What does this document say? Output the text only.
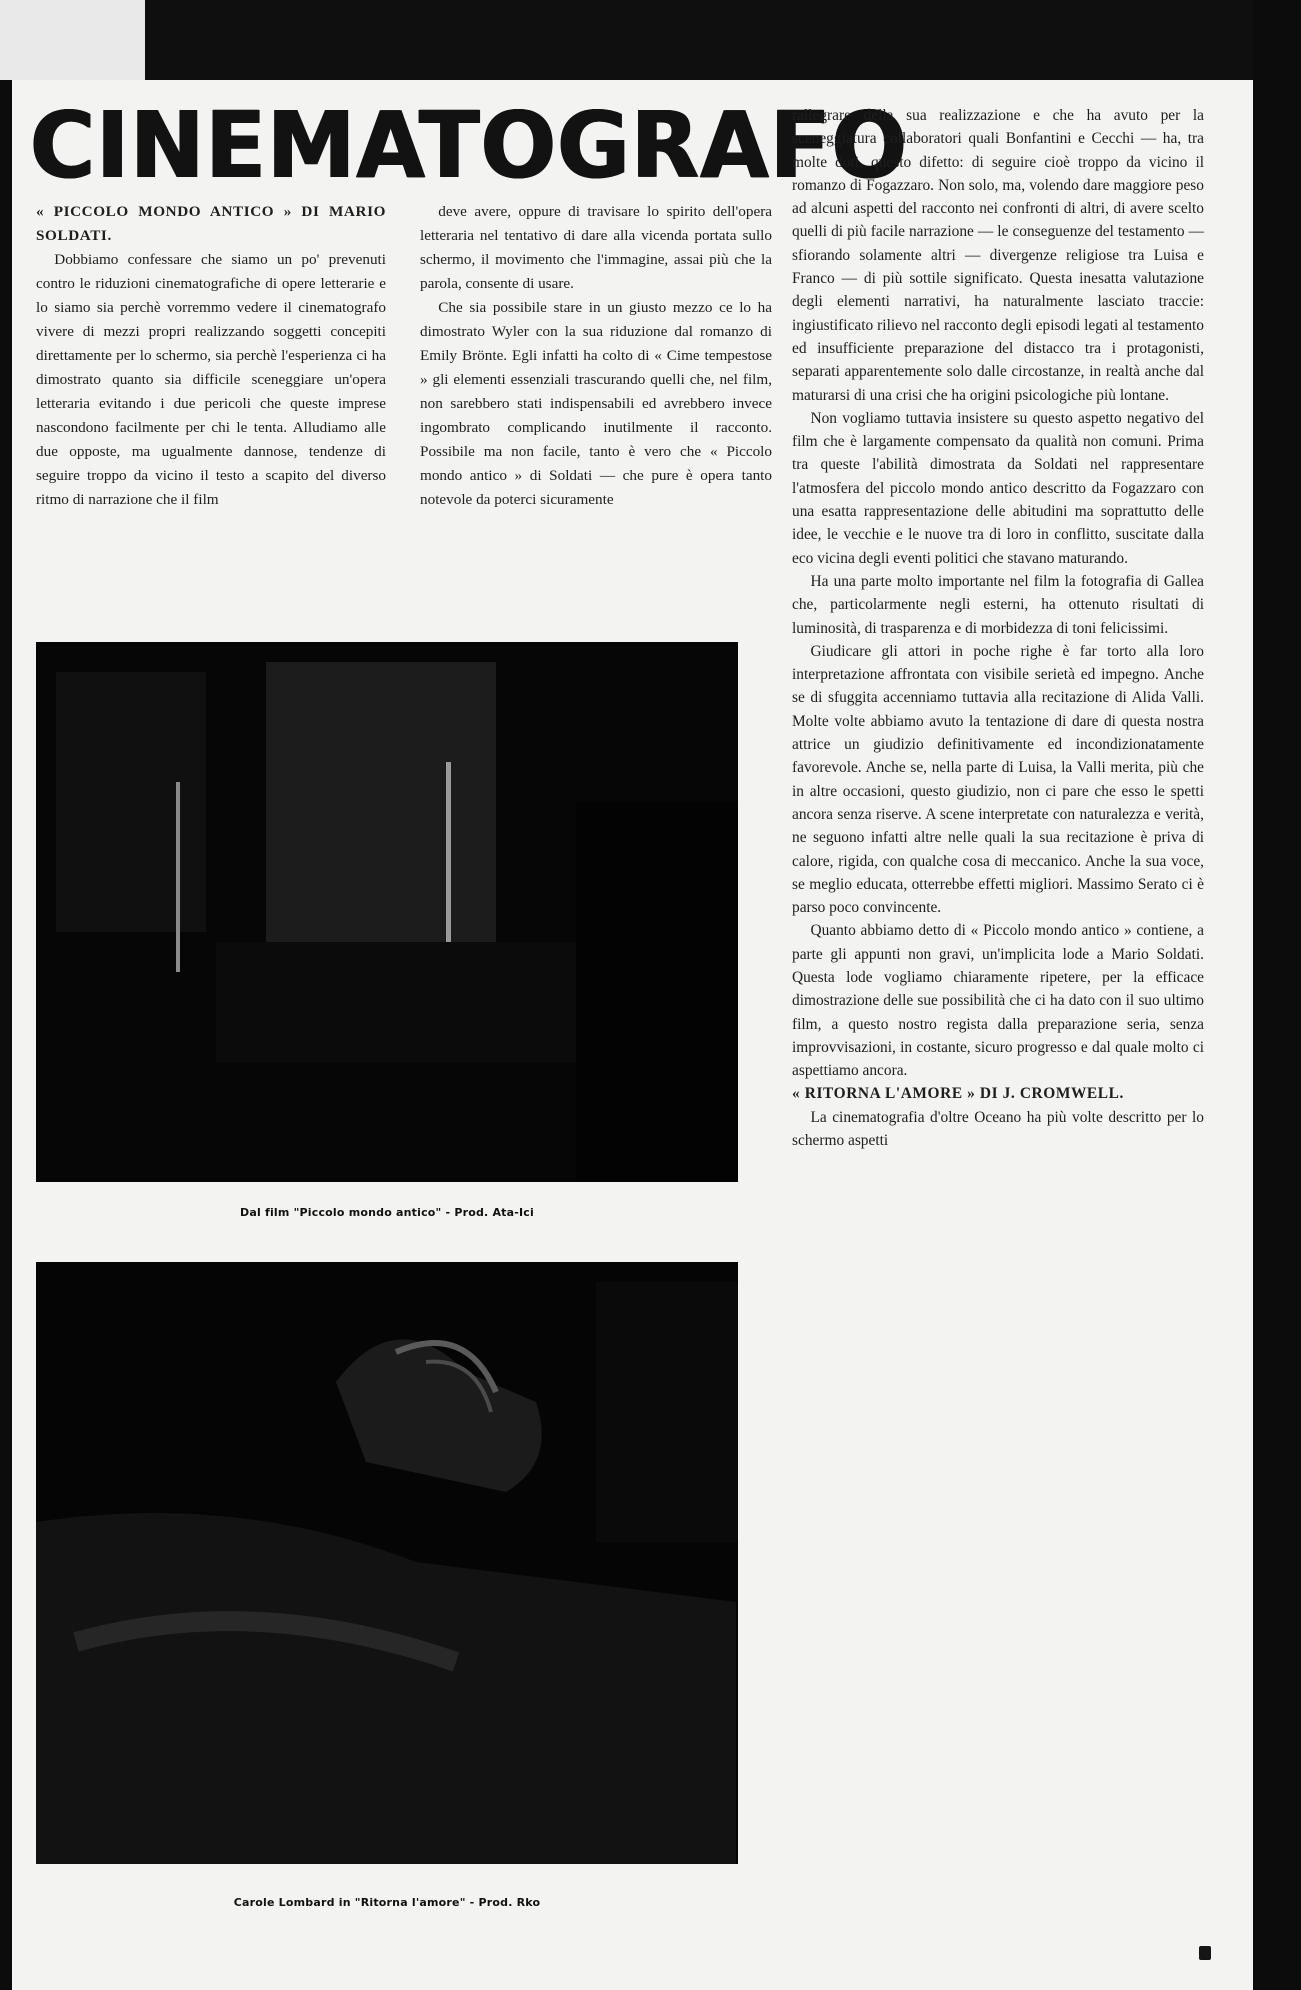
CINEMATOGRAFO

« PICCOLO MONDO ANTICO » DI MARIO SOLDATI.

Dobbiamo confessare che siamo un po' prevenuti contro le riduzioni cinematografiche di opere letterarie e lo siamo sia perchè vorremmo vedere il cinematografo vivere di mezzi propri realizzando soggetti concepiti direttamente per lo schermo, sia perchè l'esperienza ci ha dimostrato quanto sia difficile sceneggiare un'opera letteraria evitando i due pericoli che queste imprese nascondono facilmente per chi le tenta. Alludiamo alle due opposte, ma ugualmente dannose, tendenze di seguire troppo da vicino il testo a scapito del diverso ritmo di narrazione che il film

deve avere, oppure di travisare lo spirito dell'opera letteraria nel tentativo di dare alla vicenda portata sullo schermo, il movimento che l'immagine, assai più che la parola, consente di usare.

Che sia possibile stare in un giusto mezzo ce lo ha dimostrato Wyler con la sua riduzione dal romanzo di Emily Brönte. Egli infatti ha colto di « Cime tempestose » gli elementi essenziali trascurando quelli che, nel film, non sarebbero stati indispensabili ed avrebbero invece ingombrato complicando inutilmente il racconto. Possibile ma non facile, tanto è vero che « Piccolo mondo antico » di Soldati — che pure è opera tanto notevole da poterci sicuramente

rallegrare della sua realizzazione e che ha avuto per la sceneggiatura collaboratori quali Bonfantini e Cecchi — ha, tra molte doti, questo difetto: di seguire cioè troppo da vicino il romanzo di Fogazzaro. Non solo, ma, volendo dare maggiore peso ad alcuni aspetti del racconto nei confronti di altri, di avere scelto quelli di più facile narrazione — le conseguenze del testamento — sfiorando solamente altri — divergenze religiose tra Luisa e Franco — di più sottile significato. Questa inesatta valutazione degli elementi narrativi, ha naturalmente lasciato traccie: ingiustificato rilievo nel racconto degli episodi legati al testamento ed insufficiente preparazione del distacco tra i protagonisti, separati apparentemente solo dalle circostanze, in realtà anche dal maturarsi di una crisi che ha origini psicologiche più lontane.

Non vogliamo tuttavia insistere su questo aspetto negativo del film che è largamente compensato da qualità non comuni. Prima tra queste l'abilità dimostrata da Soldati nel rappresentare l'atmosfera del piccolo mondo antico descritto da Fogazzaro con una esatta rappresentazione delle abitudini ma soprattutto delle idee, le vecchie e le nuove tra di loro in conflitto, suscitate dalla eco vicina degli eventi politici che stavano maturando.

Ha una parte molto importante nel film la fotografia di Gallea che, particolarmente negli esterni, ha ottenuto risultati di luminosità, di trasparenza e di morbidezza di toni felicissimi.

Giudicare gli attori in poche righe è far torto alla loro interpretazione affrontata con visibile serietà ed impegno. Anche se di sfuggita accenniamo tuttavia alla recitazione di Alida Valli. Molte volte abbiamo avuto la tentazione di dare di questa nostra attrice un giudizio definitivamente ed incondizionatamente favorevole. Anche se, nella parte di Luisa, la Valli merita, più che in altre occasioni, questo giudizio, non ci pare che esso le spetti ancora senza riserve. A scene interpretate con naturalezza e verità, ne seguono infatti altre nelle quali la sua recitazione è priva di calore, rigida, con qualche cosa di meccanico. Anche la sua voce, se meglio educata, otterrebbe effetti migliori. Massimo Serato ci è parso poco convincente.

Quanto abbiamo detto di « Piccolo mondo antico » contiene, a parte gli appunti non gravi, un'implicita lode a Mario Soldati. Questa lode vogliamo chiaramente ripetere, per la efficace dimostrazione delle sue possibilità che ci ha dato con il suo ultimo film, a questo nostro regista dalla preparazione seria, senza improvvisazioni, in costante, sicuro progresso e dal quale molto ci aspettiamo ancora.

« RITORNA L'AMORE » DI J. CROMWELL.

La cinematografia d'oltre Oceano ha più volte descritto per lo schermo aspetti

Dal film "Piccolo mondo antico" - Prod. Ata-Ici
Carole Lombard in "Ritorna l'amore" - Prod. Rko
